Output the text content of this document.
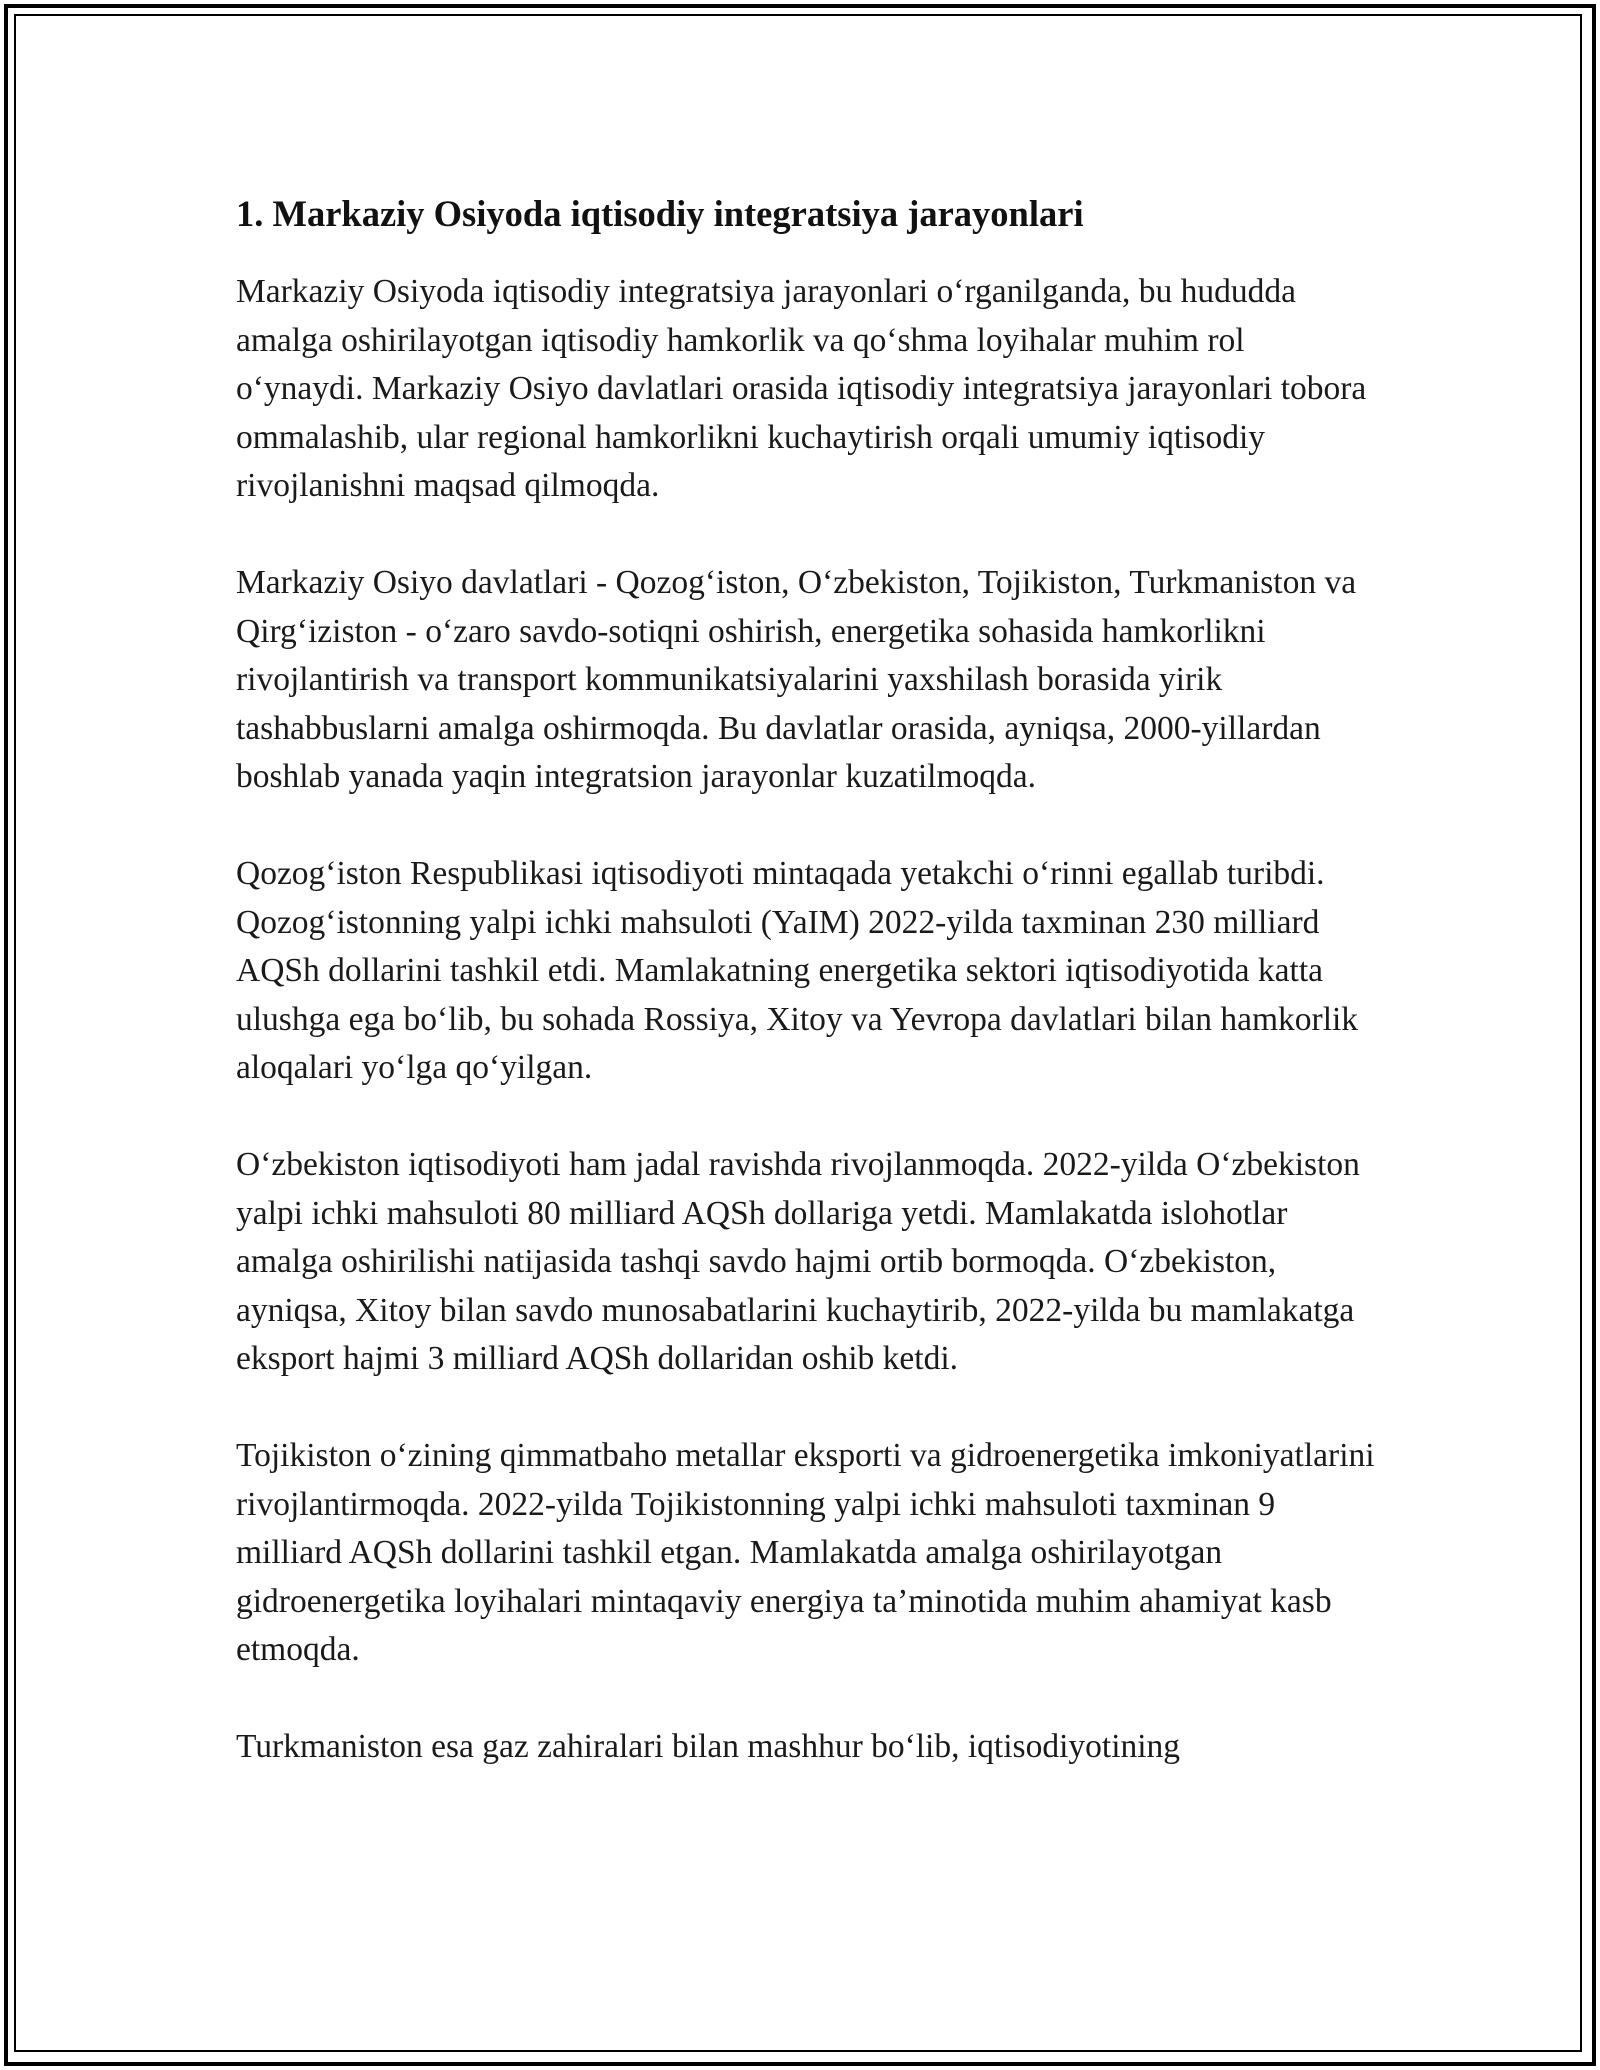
1. Markaziy Osiyoda iqtisodiy integratsiya jarayonlari

Markaziy Osiyoda iqtisodiy integratsiya jarayonlari o‘rganilganda, bu hududda amalga oshirilayotgan iqtisodiy hamkorlik va qo‘shma loyihalar muhim rol o‘ynaydi. Markaziy Osiyo davlatlari orasida iqtisodiy integratsiya jarayonlari tobora ommalashib, ular regional hamkorlikni kuchaytirish orqali umumiy iqtisodiy rivojlanishni maqsad qilmoqda.

Markaziy Osiyo davlatlari - Qozog‘iston, O‘zbekiston, Tojikiston, Turkmaniston va Qirg‘iziston - o‘zaro savdo-sotiqni oshirish, energetika sohasida hamkorlikni rivojlantirish va transport kommunikatsiyalarini yaxshilash borasida yirik tashabbuslarni amalga oshirmoqda. Bu davlatlar orasida, ayniqsa, 2000-yillardan boshlab yanada yaqin integratsion jarayonlar kuzatilmoqda.

Qozog‘iston Respublikasi iqtisodiyoti mintaqada yetakchi o‘rinni egallab turibdi. Qozog‘istonning yalpi ichki mahsuloti (YaIM) 2022-yilda taxminan 230 milliard AQSh dollarini tashkil etdi. Mamlakatning energetika sektori iqtisodiyotida katta ulushga ega bo‘lib, bu sohada Rossiya, Xitoy va Yevropa davlatlari bilan hamkorlik aloqalari yo‘lga qo‘yilgan.

O‘zbekiston iqtisodiyoti ham jadal ravishda rivojlanmoqda. 2022-yilda O‘zbekiston yalpi ichki mahsuloti 80 milliard AQSh dollariga yetdi. Mamlakatda islohotlar amalga oshirilishi natijasida tashqi savdo hajmi ortib bormoqda. O‘zbekiston, ayniqsa, Xitoy bilan savdo munosabatlarini kuchaytirib, 2022-yilda bu mamlakatga eksport hajmi 3 milliard AQSh dollaridan oshib ketdi.

Tojikiston o‘zining qimmatbaho metallar eksporti va gidroenergetika imkoniyatlarini rivojlantirmoqda. 2022-yilda Tojikistonning yalpi ichki mahsuloti taxminan 9 milliard AQSh dollarini tashkil etgan. Mamlakatda amalga oshirilayotgan gidroenergetika loyihalari mintaqaviy energiya ta’minotida muhim ahamiyat kasb etmoqda.

Turkmaniston esa gaz zahiralari bilan mashhur bo‘lib, iqtisodiyotining
